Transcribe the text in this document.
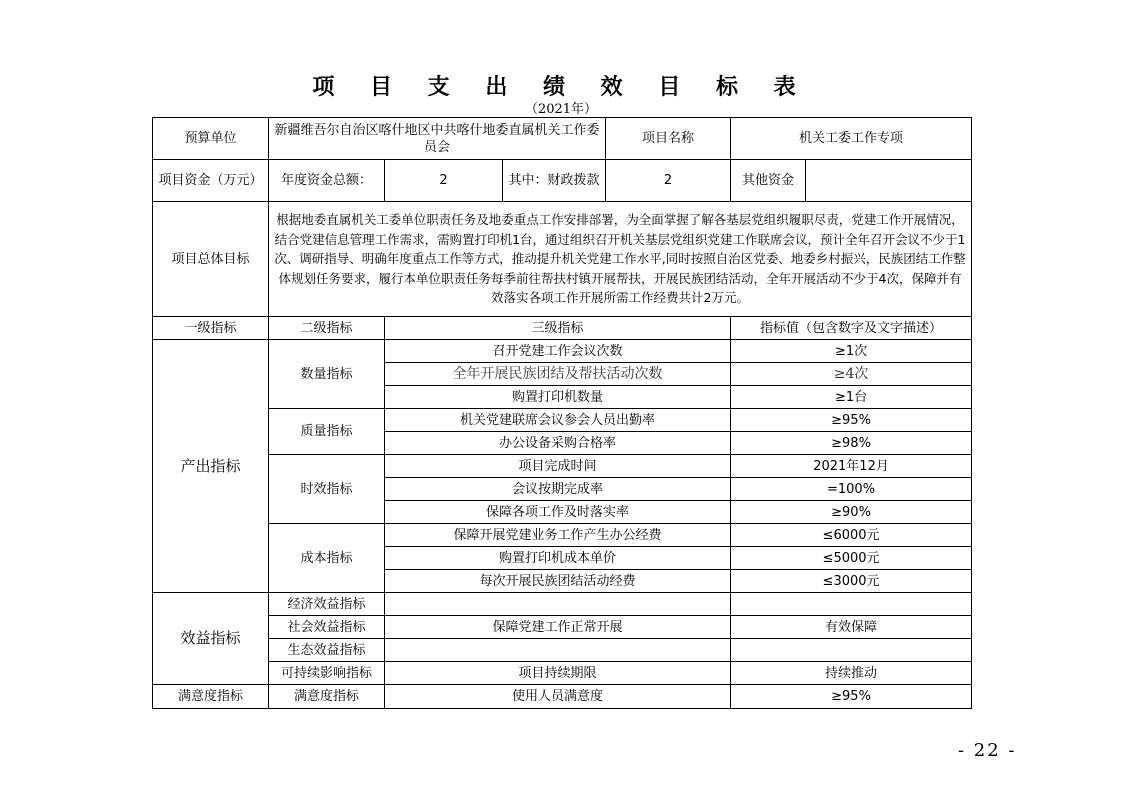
项 目 支 出 绩 效 目 标 表
（2021年）
预算单位	新疆维吾尔自治区喀什地区中共喀什地委直属机关工作委员会			项目名称	机关工委工作专项	
项目资金（万元）	年度资金总额：	2	其中：财政拨款	2	其他资金	
项目总体目标	根据地委直属机关工委单位职责任务及地委重点工作安排部署，为全面掌握了解各基层党组织履职尽责，党建工作开展情况，结合党建信息管理工作需求，需购置打印机1台，通过组织召开机关基层党组织党建工作联席会议，预计全年召开会议不少于1次、调研指导、明确年度重点工作等方式，推动提升机关党建工作水平,同时按照自治区党委、地委乡村振兴，民族团结工作整体规划任务要求，履行本单位职责任务每季前往帮扶村镇开展帮扶，开展民族团结活动，全年开展活动不少于4次，保障并有效落实各项工作开展所需工作经费共计2万元。					
一级指标	二级指标	三级指标			指标值（包含数字及文字描述）	
产出指标	数量指标	召开党建工作会议次数			≥1次	
		全年开展民族团结及帮扶活动次数			≥4次	
		购置打印机数量			≥1台	
	质量指标	机关党建联席会议参会人员出勤率			≥95%	
		办公设备采购合格率			≥98%	
	时效指标	项目完成时间			2021年12月	
		会议按期完成率			=100%	
		保障各项工作及时落实率			≥90%	
	成本指标	保障开展党建业务工作产生办公经费			≤6000元	
		购置打印机成本单价			≤5000元	
		每次开展民族团结活动经费			≤3000元	
效益指标	经济效益指标					
	社会效益指标	保障党建工作正常开展			有效保障	
	生态效益指标					
	可持续影响指标	项目持续期限			持续推动	
满意度指标	满意度指标	使用人员满意度			≥95%	
- 22 -
